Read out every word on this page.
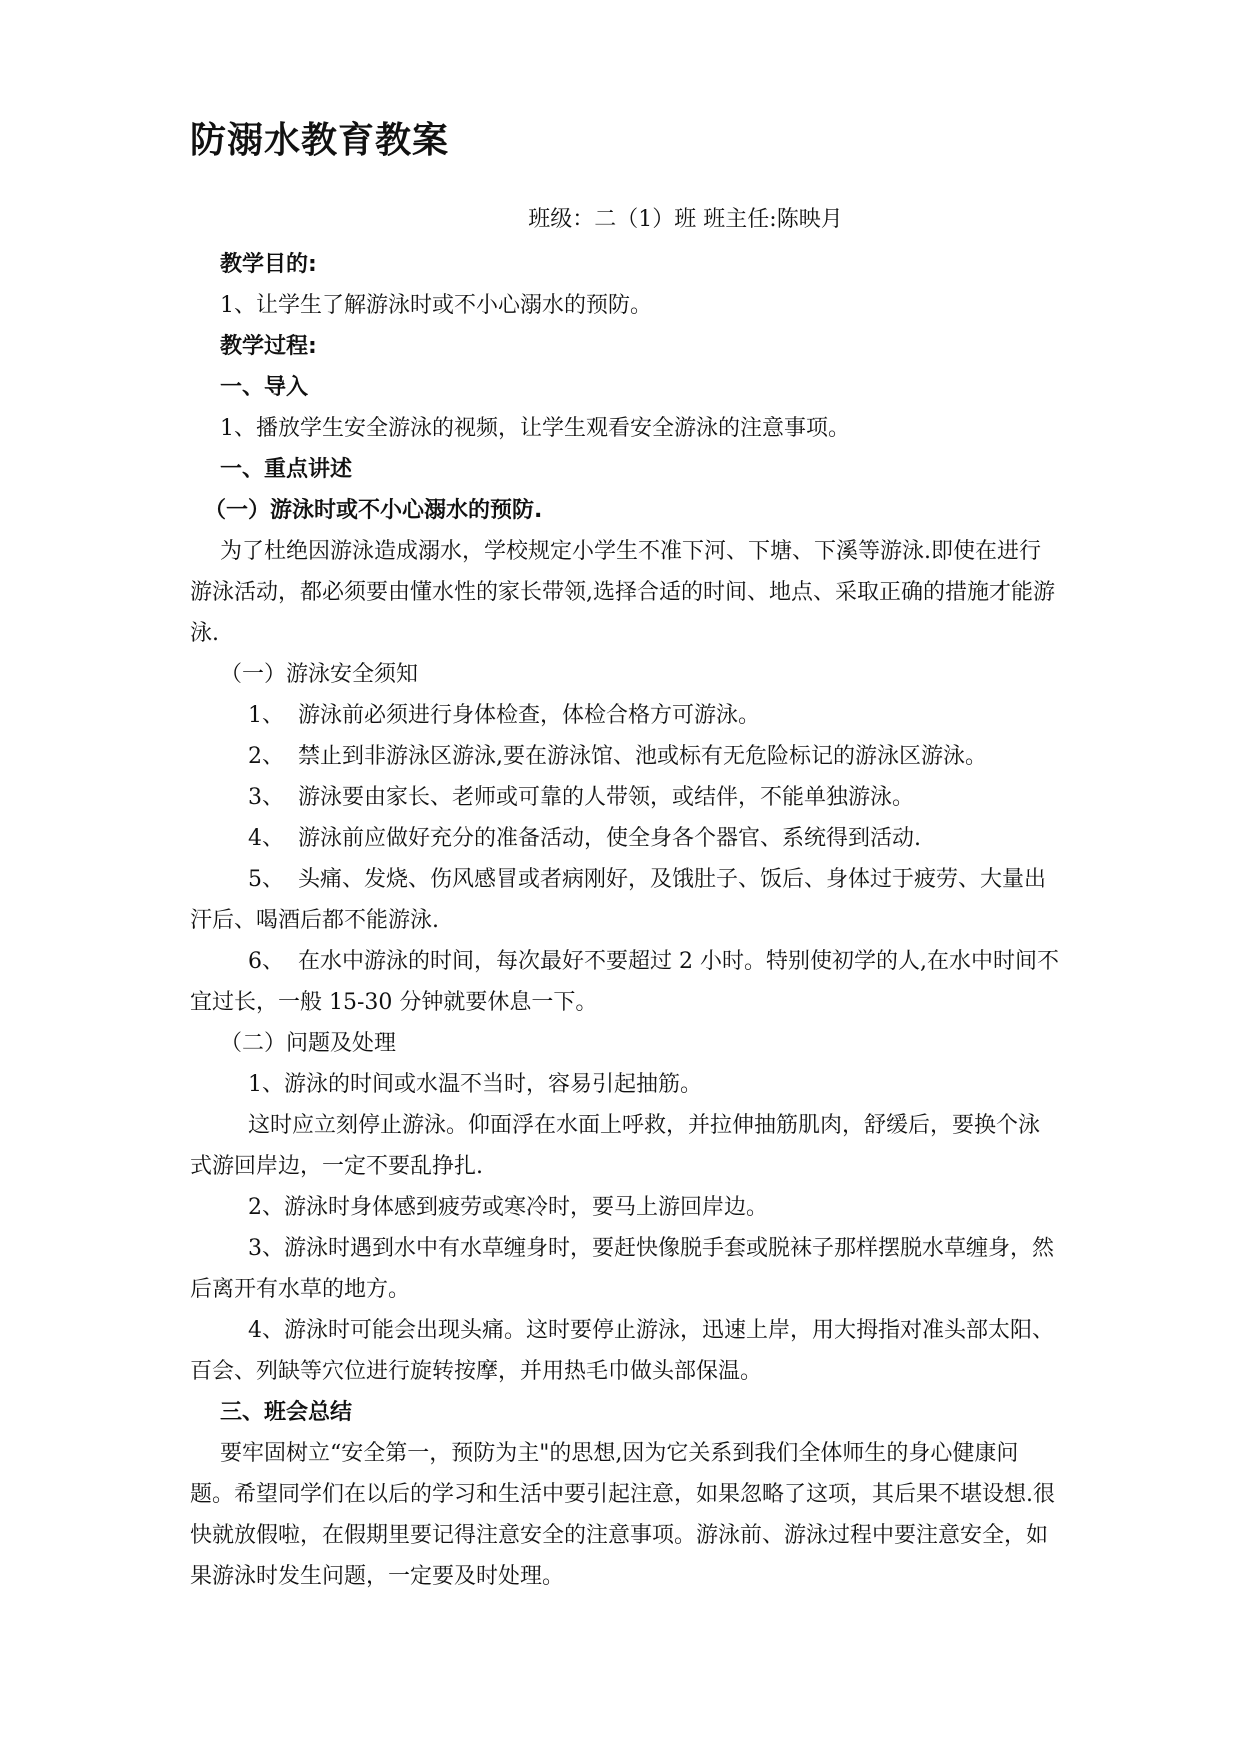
防溺水教育教案
班级：二（1）班 班主任:陈映月

教学目的:

1、让学生了解游泳时或不小心溺水的预防。

教学过程:

一、导入

1、播放学生安全游泳的视频，让学生观看安全游泳的注意事项。

一、重点讲述

（一）游泳时或不小心溺水的预防.

为了杜绝因游泳造成溺水，学校规定小学生不准下河、下塘、下溪等游泳.即使在进行游泳活动，都必须要由懂水性的家长带领,选择合适的时间、地点、采取正确的措施才能游泳.

（一）游泳安全须知

1、  游泳前必须进行身体检查，体检合格方可游泳。

2、  禁止到非游泳区游泳,要在游泳馆、池或标有无危险标记的游泳区游泳。

3、  游泳要由家长、老师或可靠的人带领，或结伴，不能单独游泳。

4、  游泳前应做好充分的准备活动，使全身各个器官、系统得到活动.

5、  头痛、发烧、伤风感冒或者病刚好，及饿肚子、饭后、身体过于疲劳、大量出汗后、喝酒后都不能游泳.

6、  在水中游泳的时间，每次最好不要超过 2 小时。特别使初学的人,在水中时间不宜过长，一般 15-30 分钟就要休息一下。

（二）问题及处理

1、游泳的时间或水温不当时，容易引起抽筋。

这时应立刻停止游泳。仰面浮在水面上呼救，并拉伸抽筋肌肉，舒缓后，要换个泳式游回岸边，一定不要乱挣扎.

2、游泳时身体感到疲劳或寒冷时，要马上游回岸边。

3、游泳时遇到水中有水草缠身时，要赶快像脱手套或脱袜子那样摆脱水草缠身，然后离开有水草的地方。

4、游泳时可能会出现头痛。这时要停止游泳，迅速上岸，用大拇指对准头部太阳、百会、列缺等穴位进行旋转按摩，并用热毛巾做头部保温。

三、班会总结

要牢固树立“安全第一，预防为主"的思想,因为它关系到我们全体师生的身心健康问题。希望同学们在以后的学习和生活中要引起注意，如果忽略了这项，其后果不堪设想.很快就放假啦，在假期里要记得注意安全的注意事项。游泳前、游泳过程中要注意安全，如果游泳时发生问题，一定要及时处理。
